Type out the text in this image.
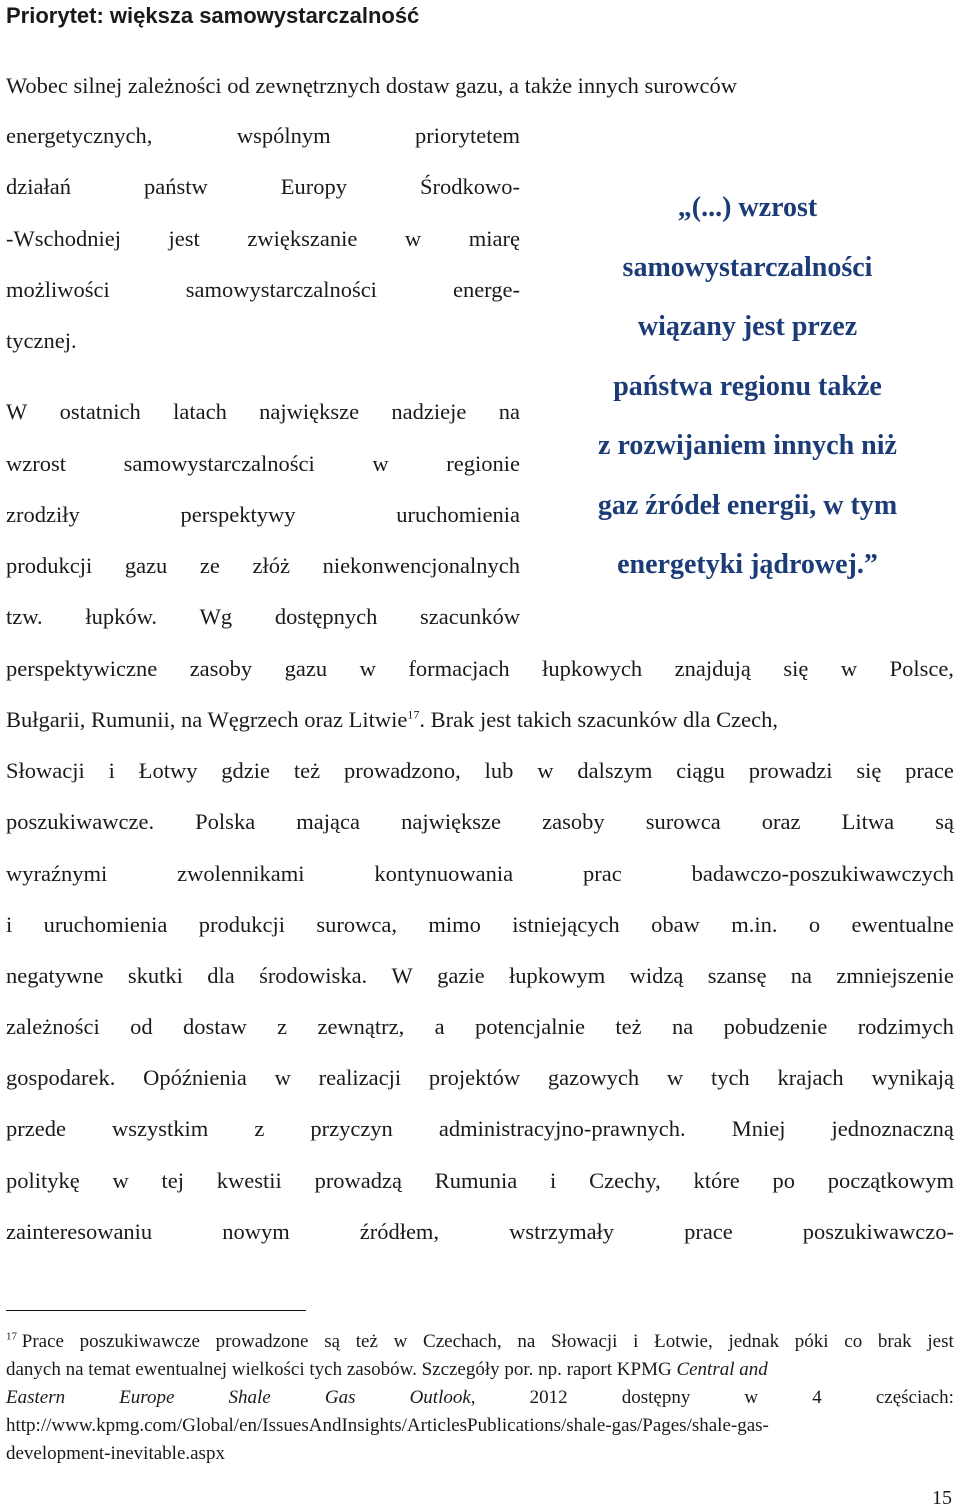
Priorytet: większa samowystarczalność
Wobec silnej zależności od zewnętrznych dostaw gazu, a także innych surowców
energetycznych,	wspólnym	priorytetem
działań	państw	Europy	Środkowo-
-Wschodniej jest zwiększanie w miarę
możliwości	samowystarczalności	energe-
tycznej.
W ostatnich latach największe nadzieje na
wzrost	samowystarczalności	w	regionie
zrodziły	perspektywy	uruchomienia
produkcji gazu ze złóż niekonwencjonalnych
tzw. łupków. Wg dostępnych szacunków
„(...) wzrost
samowystarczalności
wiązany jest przez
państwa regionu także
z rozwijaniem innych niż
gaz źródeł energii, w tym
energetyki jądrowej.”
perspektywiczne zasoby gazu w formacjach łupkowych znajdują się w Polsce,
Bułgarii, Rumunii, na Węgrzech oraz Litwie$^{17}$. Brak jest takich szacunków dla Czech,
Słowacji i Łotwy gdzie też prowadzono, lub w dalszym ciągu prowadzi się prace
poszukiwawcze. Polska mająca największe zasoby surowca oraz Litwa są
wyraźnymi	zwolennikami	kontynuowania	prac	badawczo-poszukiwawczych
i uruchomienia produkcji surowca, mimo istniejących obaw m.in. o ewentualne
negatywne skutki dla środowiska. W gazie łupkowym widzą szansę na zmniejszenie
zależności od dostaw z zewnątrz, a potencjalnie też na pobudzenie rodzimych
gospodarek. Opóźnienia w realizacji projektów gazowych w tych krajach wynikają
przede wszystkim z przyczyn administracyjno-prawnych. Mniej jednoznaczną
politykę w tej kwestii prowadzą Rumunia i Czechy, które po początkowym
zainteresowaniu	nowym	źródłem,	wstrzymały	prace	poszukiwawczo-
$^{17}$ Prace poszukiwawcze prowadzone są też w Czechach, na Słowacji i Łotwie, jednak póki co brak jest
danych na temat ewentualnej wielkości tych zasobów. Szczegóły por. np. raport KPMG
Central and
Eastern	Europe	Shale	Gas	Outlook,	2012	dostępny	w	4	częściach:
http://www.kpmg.com/Global/en/IssuesAndInsights/ArticlesPublications/shale-gas/Pages/shale-gas-
development-inevitable.aspx
15
